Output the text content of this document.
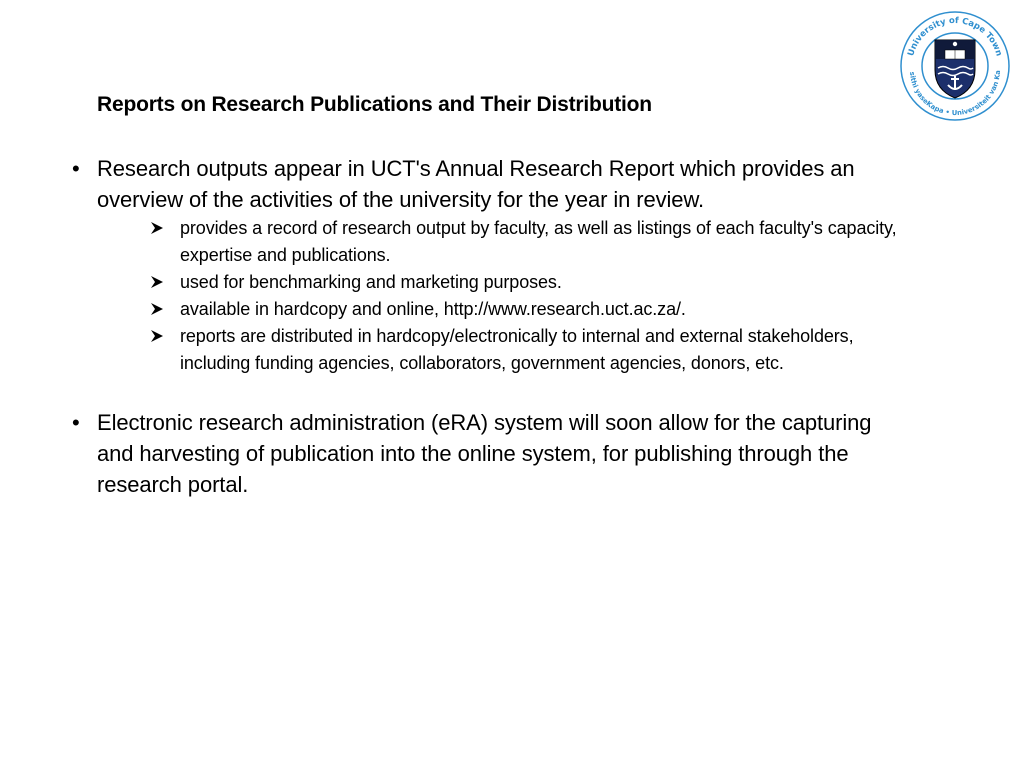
University of Cape Town
sithi yaseKapa • Universiteit van Ka
Reports on Research Publications and Their Distribution
• Research outputs appear in UCT's Annual Research Report which provides an overview of the activities of the university for the year in review.
provides a record of research output by faculty, as well as listings of each faculty's capacity, expertise and publications.
used for benchmarking and marketing purposes.
available in hardcopy and online, http://www.research.uct.ac.za/.
reports are distributed in hardcopy/electronically to internal and external stakeholders, including funding agencies, collaborators, government agencies, donors, etc.
• Electronic research administration (eRA) system will soon allow for the capturing and harvesting of publication into the online system, for publishing through the research portal.
